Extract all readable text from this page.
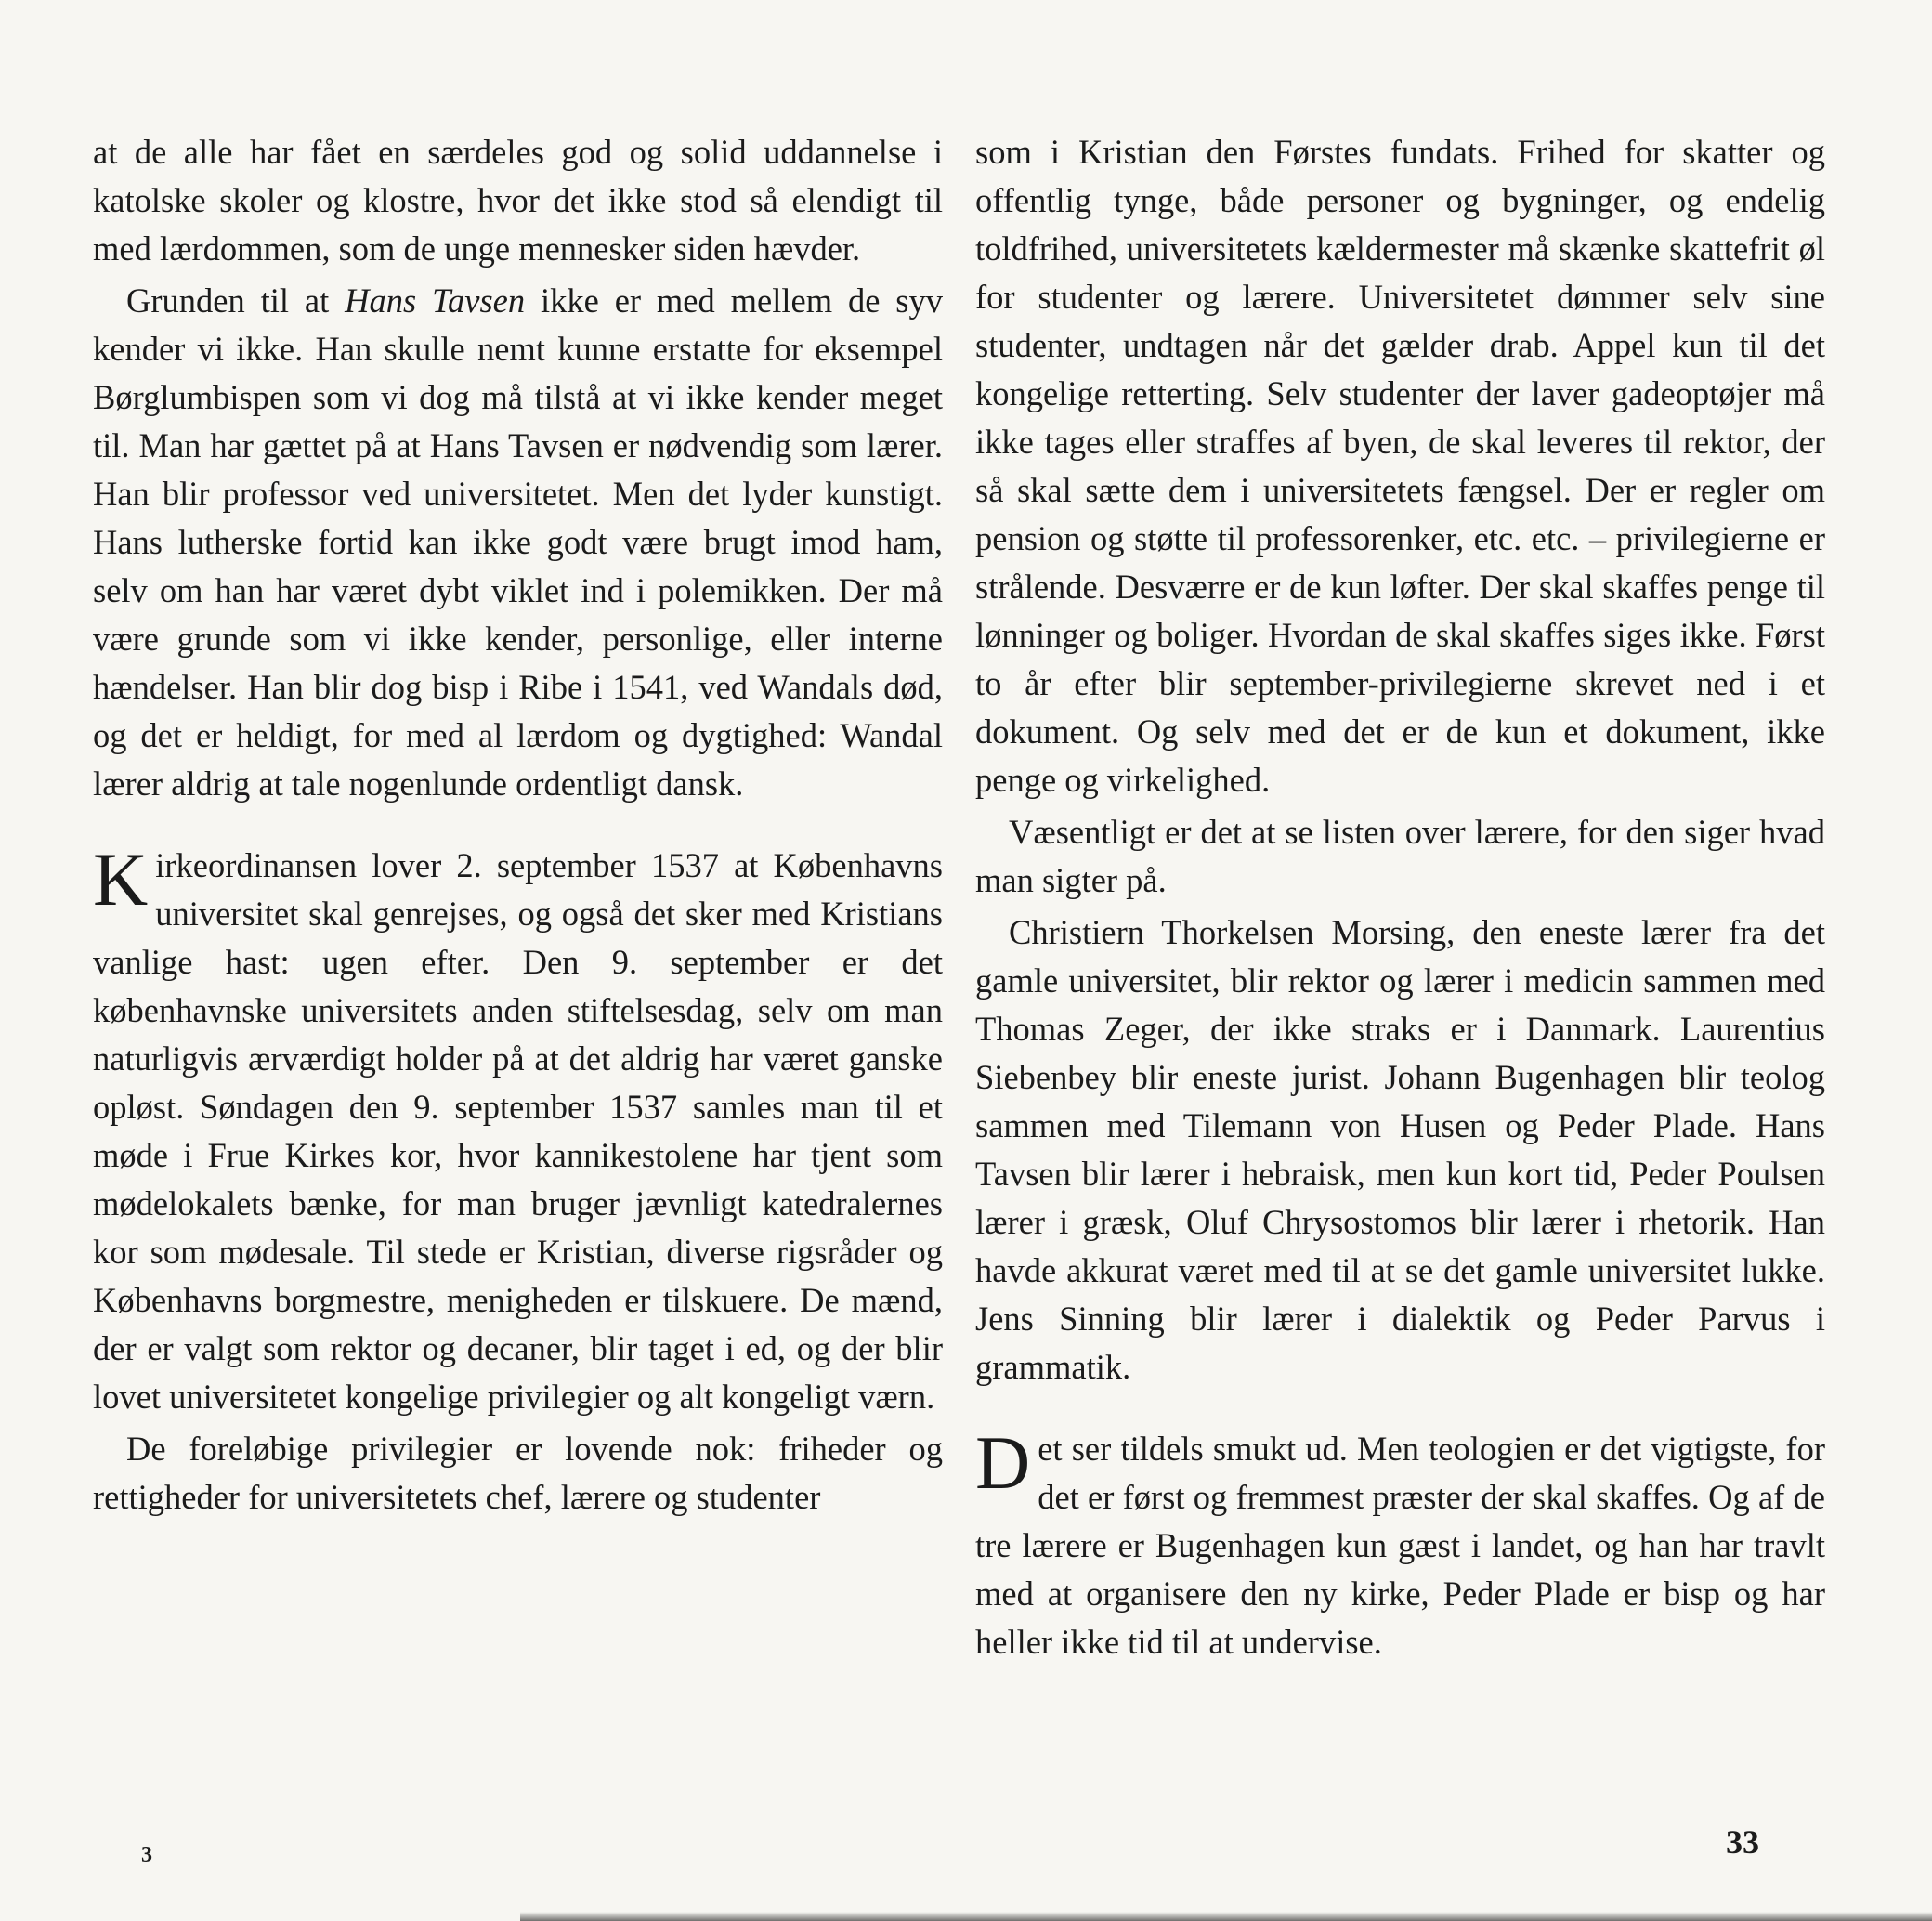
at de alle har fået en særdeles god og solid uddannelse i katolske skoler og klostre, hvor det ikke stod så elendigt til med lærdommen, som de unge mennesker siden hævder.

Grunden til at Hans Tavsen ikke er med mellem de syv kender vi ikke. Han skulle nemt kunne erstatte for eksempel Børglumbispen som vi dog må tilstå at vi ikke kender meget til. Man har gættet på at Hans Tavsen er nødvendig som lærer. Han blir professor ved universitetet. Men det lyder kunstigt. Hans lutherske fortid kan ikke godt være brugt imod ham, selv om han har været dybt viklet ind i polemikken. Der må være grunde som vi ikke kender, personlige, eller interne hændelser. Han blir dog bisp i Ribe i 1541, ved Wandals død, og det er heldigt, for med al lærdom og dygtighed: Wandal lærer aldrig at tale nogenlunde ordentligt dansk.

Kirkeordinansen lover 2. september 1537 at Københavns universitet skal genrejses, og også det sker med Kristians vanlige hast: ugen efter. Den 9. september er det københavnske universitets anden stiftelsesdag, selv om man naturligvis ærværdigt holder på at det aldrig har været ganske opløst. Søndagen den 9. september 1537 samles man til et møde i Frue Kirkes kor, hvor kannikestolene har tjent som mødelokalets bænke, for man bruger jævnligt katedralernes kor som mødesale. Til stede er Kristian, diverse rigsråder og Københavns borgmestre, menigheden er tilskuere. De mænd, der er valgt som rektor og decaner, blir taget i ed, og der blir lovet universitetet kongelige privilegier og alt kongeligt værn.

De foreløbige privilegier er lovende nok: friheder og rettigheder for universitetets chef, lærere og studenter

som i Kristian den Førstes fundats. Frihed for skatter og offentlig tynge, både personer og bygninger, og endelig toldfrihed, universitetets kældermester må skænke skattefrit øl for studenter og lærere. Universitetet dømmer selv sine studenter, undtagen når det gælder drab. Appel kun til det kongelige retterting. Selv studenter der laver gadeoptøjer må ikke tages eller straffes af byen, de skal leveres til rektor, der så skal sætte dem i universitetets fængsel. Der er regler om pension og støtte til professorenker, etc. etc. – privilegierne er strålende. Desværre er de kun løfter. Der skal skaffes penge til lønninger og boliger. Hvordan de skal skaffes siges ikke. Først to år efter blir september-privilegierne skrevet ned i et dokument. Og selv med det er de kun et dokument, ikke penge og virkelighed.

Væsentligt er det at se listen over lærere, for den siger hvad man sigter på.

Christiern Thorkelsen Morsing, den eneste lærer fra det gamle universitet, blir rektor og lærer i medicin sammen med Thomas Zeger, der ikke straks er i Danmark. Laurentius Siebenbey blir eneste jurist. Johann Bugenhagen blir teolog sammen med Tilemann von Husen og Peder Plade. Hans Tavsen blir lærer i hebraisk, men kun kort tid, Peder Poulsen lærer i græsk, Oluf Chrysostomos blir lærer i rhetorik. Han havde akkurat været med til at se det gamle universitet lukke. Jens Sinning blir lærer i dialektik og Peder Parvus i grammatik.

Det ser tildels smukt ud. Men teologien er det vigtigste, for det er først og fremmest præster der skal skaffes. Og af de tre lærere er Bugenhagen kun gæst i landet, og han har travlt med at organisere den ny kirke, Peder Plade er bisp og har heller ikke tid til at undervise.

3	33
